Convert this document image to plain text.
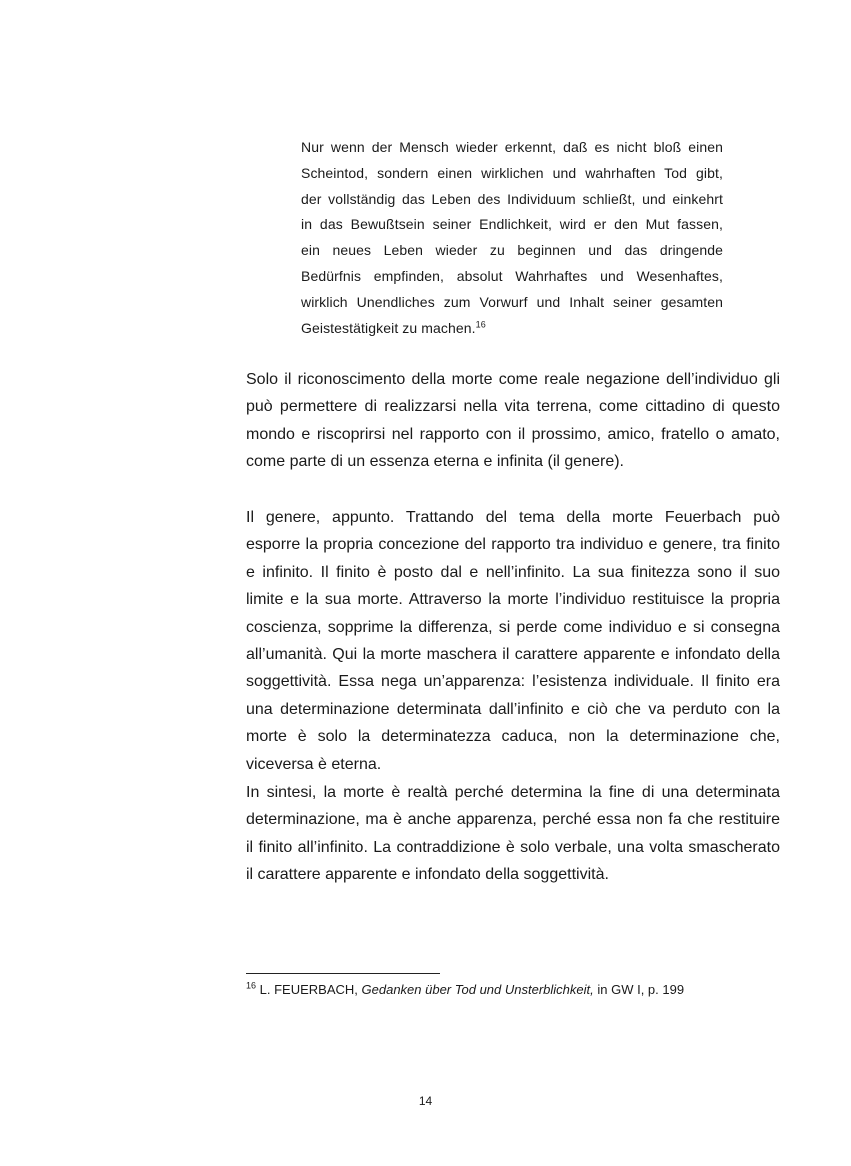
Nur wenn der Mensch wieder erkennt, daß es nicht bloß einen
Scheintod, sondern einen wirklichen und wahrhaften Tod gibt,
der vollständig das Leben des Individuum schließt, und einkehrt
in das Bewußtsein seiner Endlichkeit, wird er den Mut fassen,
ein neues Leben wieder zu beginnen und das dringende
Bedürfnis empfinden, absolut Wahrhaftes und Wesenhaftes,
wirklich Unendliches zum Vorwurf und Inhalt seiner gesamten
Geistestätigkeit zu machen.$^{16}$
Solo il riconoscimento della morte come reale negazione dell’individuo gli
può permettere di realizzarsi nella vita terrena, come cittadino di questo
mondo e riscoprirsi nel rapporto con il prossimo, amico, fratello o amato,
come parte di un essenza eterna e infinita (il genere).
Il genere, appunto. Trattando del tema della morte Feuerbach può
esporre la propria concezione del rapporto tra individuo e genere, tra finito
e infinito. Il finito è posto dal e nell’infinito. La sua finitezza sono il suo
limite e la sua morte. Attraverso la morte l’individuo restituisce la propria
coscienza, sopprime la differenza, si perde come individuo e si consegna
all’umanità. Qui la morte maschera il carattere apparente e infondato della
soggettività. Essa nega un’apparenza: l’esistenza individuale. Il finito era
una determinazione determinata dall’infinito e ciò che va perduto con la
morte è solo la determinatezza caduca, non la determinazione che,
viceversa è eterna.
In sintesi, la morte è realtà perché determina la fine di una determinata
determinazione, ma è anche apparenza, perché essa non fa che restituire
il finito all’infinito. La contraddizione è solo verbale, una volta smascherato
il carattere apparente e infondato della soggettività.
$^{16}$ L. FEUERBACH, Gedanken über Tod und Unsterblichkeit, in GW I, p. 199
14
